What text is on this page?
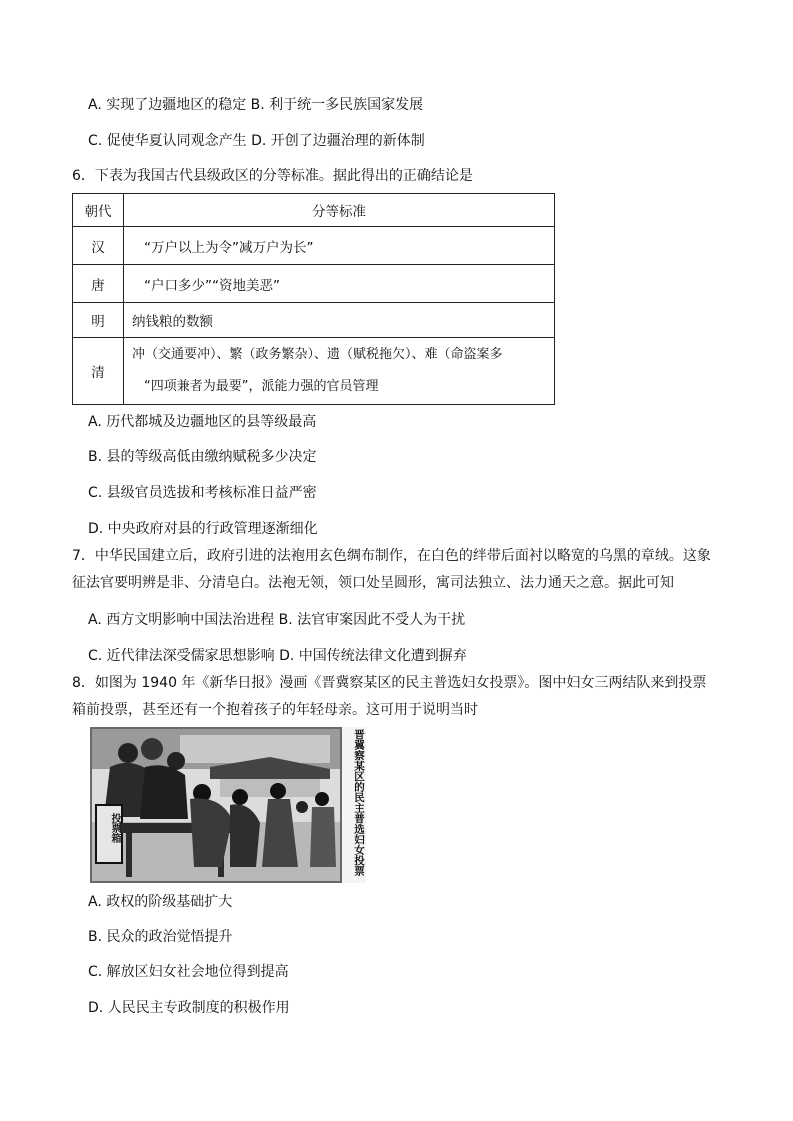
A. 实现了边疆地区的稳定 B. 利于统一多民族国家发展
C. 促使华夏认同观念产生 D. 开创了边疆治理的新体制
6．下表为我国古代县级政区的分等标准。据此得出的正确结论是
朝代	分等标准
汉	“万户以上为令”减万户为长”
唐	“户口多少”“资地美恶”
明	纳钱粮的数额
清	冲（交通要冲）、繁（政务繁杂）、遗（赋税拖欠）、难（命盗案多
“四项兼者为最要”，派能力强的官员管理
A. 历代都城及边疆地区的县等级最高
B. 县的等级高低由缴纳赋税多少决定
C. 县级官员选拔和考核标准日益严密
D. 中央政府对县的行政管理逐渐细化
7．中华民国建立后，政府引进的法袍用玄色绸布制作，在白色的绊带后面衬以略宽的乌黑的章绒。这象
征法官要明辨是非、分清皂白。法袍无领，领口处呈圆形，寓司法独立、法力通天之意。据此可知
A. 西方文明影响中国法治进程 B. 法官审案因此不受人为干扰
C. 近代律法深受儒家思想影响 D. 中国传统法律文化遭到摒弃
8．如图为 1940 年《新华日报》漫画《晋冀察某区的民主普选妇女投票》。图中妇女三两结队来到投票
箱前投票，甚至还有一个抱着孩子的年轻母亲。这可用于说明当时
晋冀察某区的民主普选妇女投票
投票箱
A. 政权的阶级基础扩大
B. 民众的政治觉悟提升
C. 解放区妇女社会地位得到提高
D. 人民民主专政制度的积极作用
